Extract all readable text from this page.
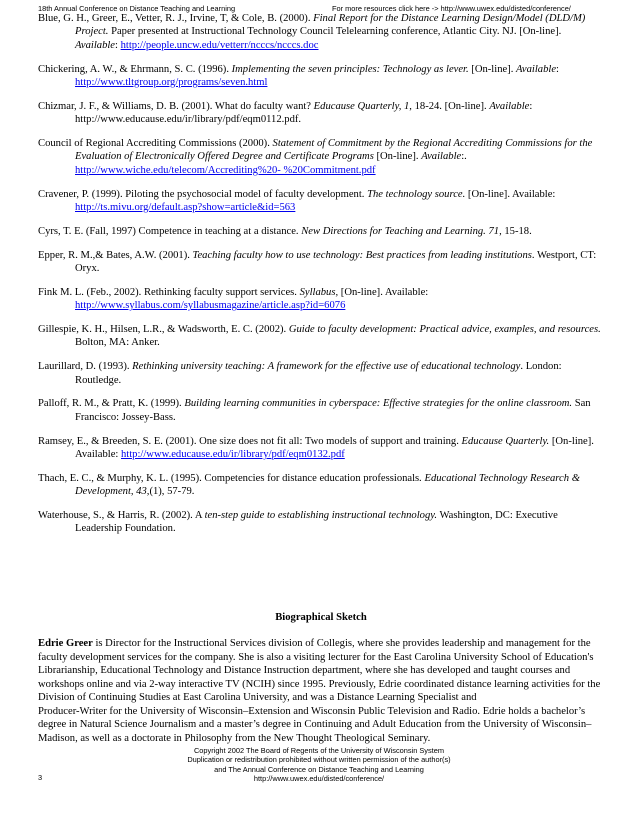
18th Annual Conference on Distance Teaching and Learning	For more resources click here -> http://www.uwex.edu/disted/conference/

Blue, G. H., Greer, E., Vetter, R. J., Irvine, T, & Cole, B. (2000). Final Report for the Distance Learning Design/Model (DLD/M) Project. Paper presented at Instructional Technology Council Telelearning conference, Atlantic City. NJ. [On-line]. Available: http://people.uncw.edu/vetterr/ncccs/ncccs.doc

Chickering, A. W., & Ehrmann, S. C. (1996). Implementing the seven principles: Technology as lever. [On-line]. Available: http://www.tltgroup.org/programs/seven.html

Chizmar, J. F., & Williams, D. B. (2001). What do faculty want? Educause Quarterly, 1, 18-24. [On-line]. Available: http://www.educause.edu/ir/library/pdf/eqm0112.pdf.

Council of Regional Accrediting Commissions (2000). Statement of Commitment by the Regional Accrediting Commissions for the Evaluation of Electronically Offered Degree and Certificate Programs [On-line]. Available:. http://www.wiche.edu/telecom/Accrediting%20- %20Commitment.pdf

Cravener, P. (1999). Piloting the psychosocial model of faculty development. The technology source. [On-line]. Available: http://ts.mivu.org/default.asp?show=article&id=563

Cyrs, T. E. (Fall, 1997) Competence in teaching at a distance. New Directions for Teaching and Learning. 71, 15-18.

Epper, R. M.,& Bates, A.W. (2001). Teaching faculty how to use technology: Best practices from leading institutions. Westport, CT: Oryx.

Fink M. L. (Feb., 2002). Rethinking faculty support services. Syllabus, [On-line]. Available: http://www.syllabus.com/syllabusmagazine/article.asp?id=6076

Gillespie, K. H., Hilsen, L.R., & Wadsworth, E. C. (2002). Guide to faculty development: Practical advice, examples, and resources. Bolton, MA: Anker.

Laurillard, D. (1993). Rethinking university teaching: A framework for the effective use of educational technology. London: Routledge.

Palloff, R. M., & Pratt, K. (1999). Building learning communities in cyberspace: Effective strategies for the online classroom. San Francisco: Jossey-Bass.

Ramsey, E., & Breeden, S. E. (2001). One size does not fit all: Two models of support and training. Educause Quarterly. [On-line]. Available: http://www.educause.edu/ir/library/pdf/eqm0132.pdf

Thach, E. C., & Murphy, K. L. (1995). Competencies for distance education professionals. Educational Technology Research & Development, 43,(1), 57-79.

Waterhouse, S., & Harris, R. (2002). A ten-step guide to establishing instructional technology. Washington, DC: Executive Leadership Foundation.

Biographical Sketch

Edrie Greer is Director for the Instructional Services division of Collegis, where she provides leadership and management for the faculty development services for the company. She is also a visiting lecturer for the East Carolina University School of Education's Librarianship, Educational Technology and Distance Instruction department, where she has developed and taught courses and workshops online and via 2-way interactive TV (NCIH) since 1995. Previously, Edrie coordinated distance learning activities for the Division of Continuing Studies at East Carolina University, and was a Distance Learning Specialist and

Producer-Writer for the University of Wisconsin–Extension and Wisconsin Public Television and Radio. Edrie holds a bachelor’s degree in Natural Science Journalism and a master’s degree in Continuing and Adult Education from the University of Wisconsin–Madison, as well as a doctorate in Philosophy from the New Thought Theological Seminary.

Copyright 2002 The Board of Regents of the University of Wisconsin System
Duplication or redistribution prohibited without written permission of the author(s)
and The Annual Conference on Distance Teaching and Learning
http://www.uwex.edu/disted/conference/
3
